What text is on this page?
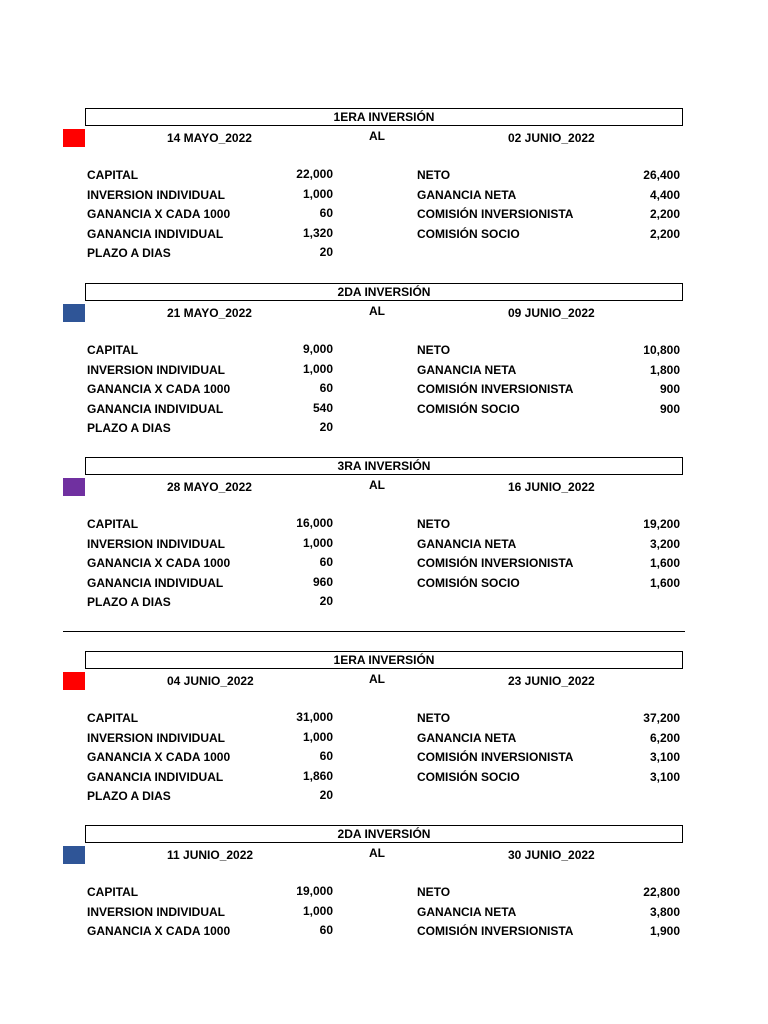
1ERA INVERSIÓN
14 MAYO_2022	AL	02 JUNIO_2022
CAPITAL	22,000
INVERSION INDIVIDUAL	1,000
GANANCIA X CADA 1000	60
GANANCIA INDIVIDUAL	1,320
PLAZO A DIAS	20
NETO	26,400
GANANCIA NETA	4,400
COMISIÓN INVERSIONISTA	2,200
COMISIÓN SOCIO	2,200
2DA INVERSIÓN
21 MAYO_2022	AL	09 JUNIO_2022
CAPITAL	9,000
INVERSION INDIVIDUAL	1,000
GANANCIA X CADA 1000	60
GANANCIA INDIVIDUAL	540
PLAZO A DIAS	20
NETO	10,800
GANANCIA NETA	1,800
COMISIÓN INVERSIONISTA	900
COMISIÓN SOCIO	900
3RA INVERSIÓN
28 MAYO_2022	AL	16 JUNIO_2022
CAPITAL	16,000
INVERSION INDIVIDUAL	1,000
GANANCIA X CADA 1000	60
GANANCIA INDIVIDUAL	960
PLAZO A DIAS	20
NETO	19,200
GANANCIA NETA	3,200
COMISIÓN INVERSIONISTA	1,600
COMISIÓN SOCIO	1,600
1ERA INVERSIÓN
04 JUNIO_2022	AL	23 JUNIO_2022
CAPITAL	31,000
INVERSION INDIVIDUAL	1,000
GANANCIA X CADA 1000	60
GANANCIA INDIVIDUAL	1,860
PLAZO A DIAS	20
NETO	37,200
GANANCIA NETA	6,200
COMISIÓN INVERSIONISTA	3,100
COMISIÓN SOCIO	3,100
2DA INVERSIÓN
11 JUNIO_2022	AL	30 JUNIO_2022
CAPITAL	19,000
INVERSION INDIVIDUAL	1,000
GANANCIA X CADA 1000	60
NETO	22,800
GANANCIA NETA	3,800
COMISIÓN INVERSIONISTA	1,900
